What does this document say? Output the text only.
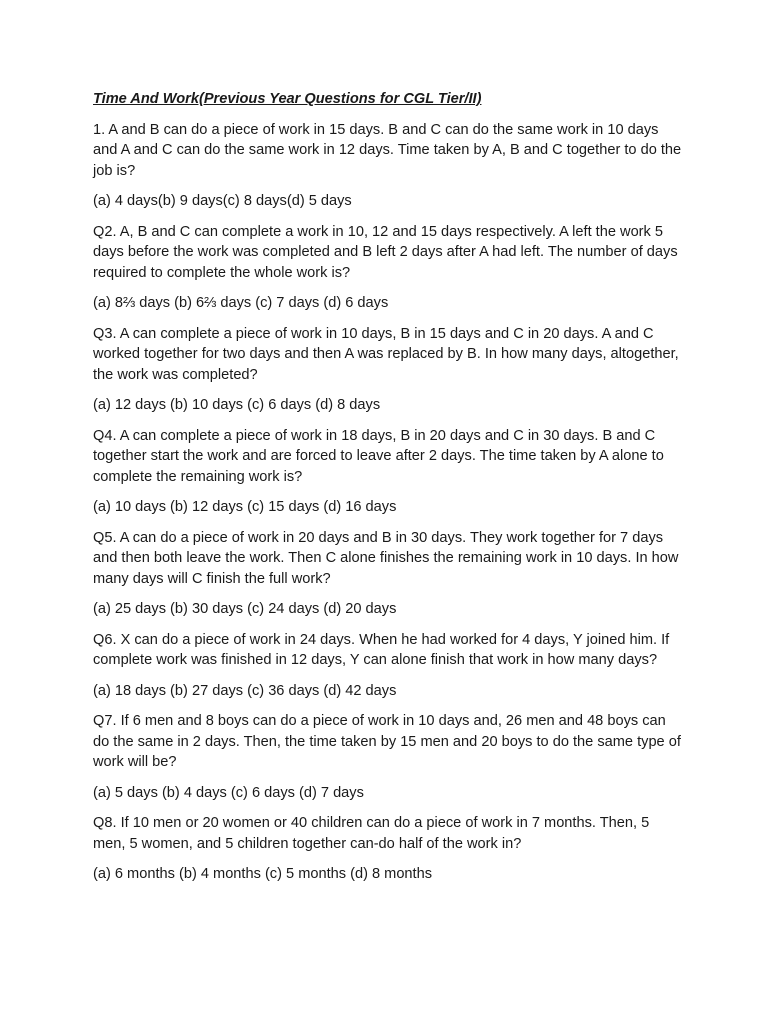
Time And Work(Previous Year Questions for CGL Tier/II)
1. A and B can do a piece of work in 15 days. B and C can do the same work in 10 days and A and C can do the same work in 12 days. Time taken by A, B and C together to do the job is?
(a) 4 days(b) 9 days(c) 8 days(d) 5 days
Q2. A, B and C can complete a work in 10, 12 and 15 days respectively. A left the work 5 days before the work was completed and B left 2 days after A had left. The number of days required to complete the whole work is?
(a) 8⅔ days (b) 6⅔ days (c) 7 days (d) 6 days
Q3. A can complete a piece of work in 10 days, B in 15 days and C in 20 days. A and C worked together for two days and then A was replaced by B. In how many days, altogether, the work was completed?
(a) 12 days (b) 10 days (c) 6 days (d) 8 days
Q4. A can complete a piece of work in 18 days, B in 20 days and C in 30 days. B and C together start the work and are forced to leave after 2 days. The time taken by A alone to complete the remaining work is?
(a) 10 days (b) 12 days (c) 15 days (d) 16 days
Q5. A can do a piece of work in 20 days and B in 30 days. They work together for 7 days and then both leave the work. Then C alone finishes the remaining work in 10 days. In how many days will C finish the full work?
(a) 25 days (b) 30 days (c) 24 days (d) 20 days
Q6. X can do a piece of work in 24 days. When he had worked for 4 days, Y joined him. If complete work was finished in 12 days, Y can alone finish that work in how many days?
(a) 18 days (b) 27 days (c) 36 days (d) 42 days
Q7. If 6 men and 8 boys can do a piece of work in 10 days and, 26 men and 48 boys can do the same in 2 days. Then, the time taken by 15 men and 20 boys to do the same type of work will be?
(a) 5 days (b) 4 days (c) 6 days (d) 7 days
Q8. If 10 men or 20 women or 40 children can do a piece of work in 7 months. Then, 5 men, 5 women, and 5 children together can-do half of the work in?
(a) 6 months (b) 4 months (c) 5 months (d) 8 months
